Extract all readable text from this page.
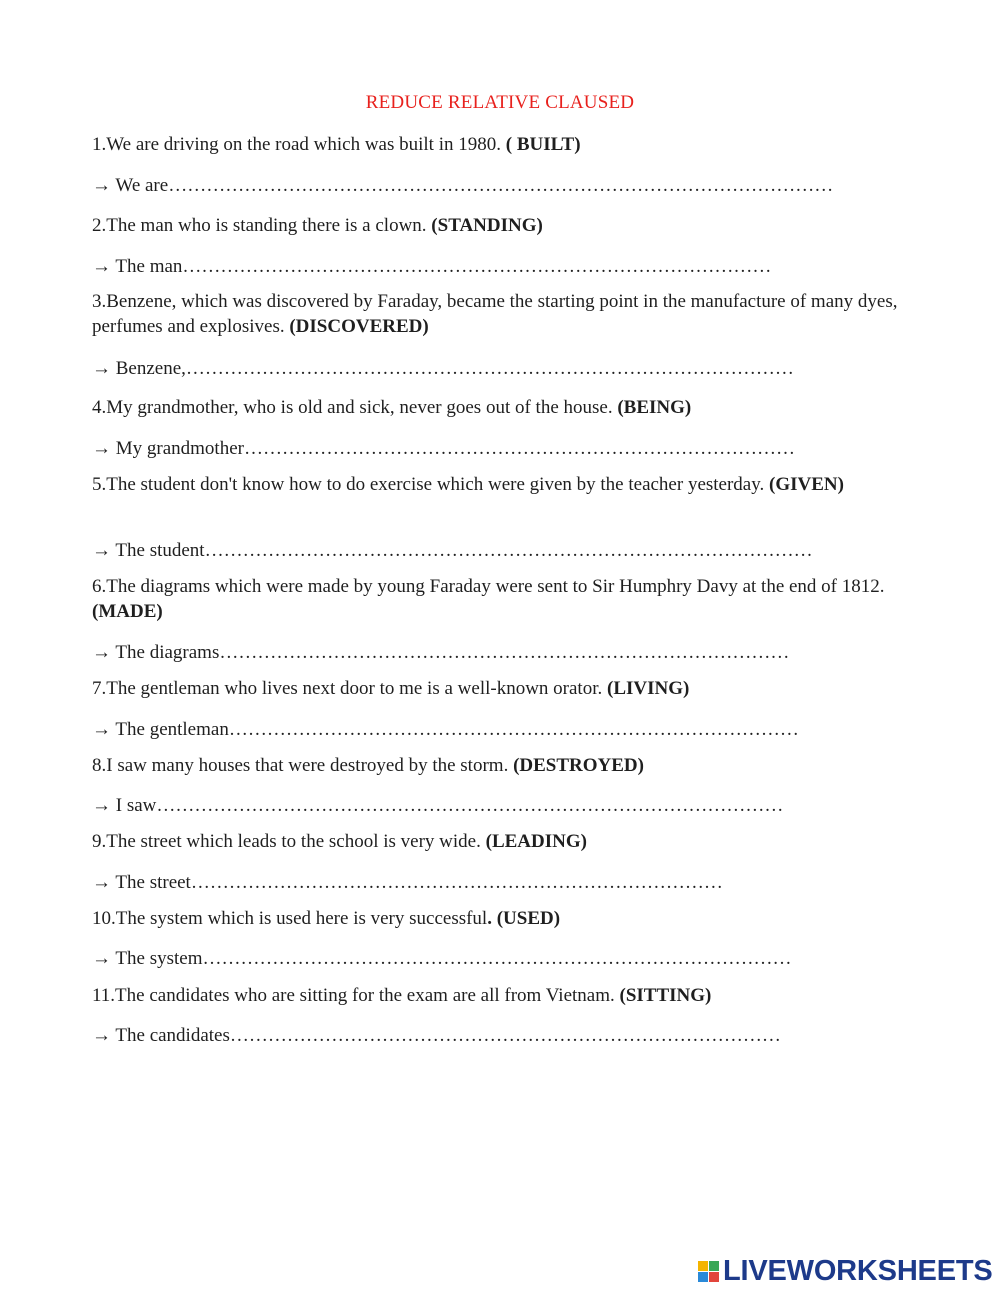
REDUCE RELATIVE CLAUSED
1.We are driving on the road which was built in 1980. ( BUILT)
→ We are……………………………………………………………………………………………
2.The man who is standing there is a clown. (STANDING)
→ The man…………………………………………………………………………………
3.Benzene, which was discovered by Faraday, became the starting point in the manufacture of many dyes, perfumes and explosives. (DISCOVERED)
→ Benzene,……………………………………………………………………………………
4.My grandmother, who is old and sick, never goes out of the house. (BEING)
→ My grandmother……………………………………………………………………………
5.The student don't know how to do exercise which were given by the teacher yesterday. (GIVEN)
→ The student……………………………………………………………………………………
6.The diagrams which were made by young Faraday were sent to Sir Humphry Davy at the end of 1812. (MADE)
→ The diagrams………………………………………………………………………………
7.The gentleman who lives next door to me is a well-known orator. (LIVING)
→ The gentleman………………………………………………………………………………
8.I saw many houses that were destroyed by the storm. (DESTROYED)
→ I saw………………………………………………………………………………………
9.The street which leads to the school is very wide. (LEADING)
→ The street…………………………………………………………………………
10.The system which is used here is very successful. (USED)
→ The system…………………………………………………………………………………
11.The candidates who are sitting for the exam are all from Vietnam. (SITTING)
→ The candidates……………………………………………………………………………
LIVEWORKSHEETS
